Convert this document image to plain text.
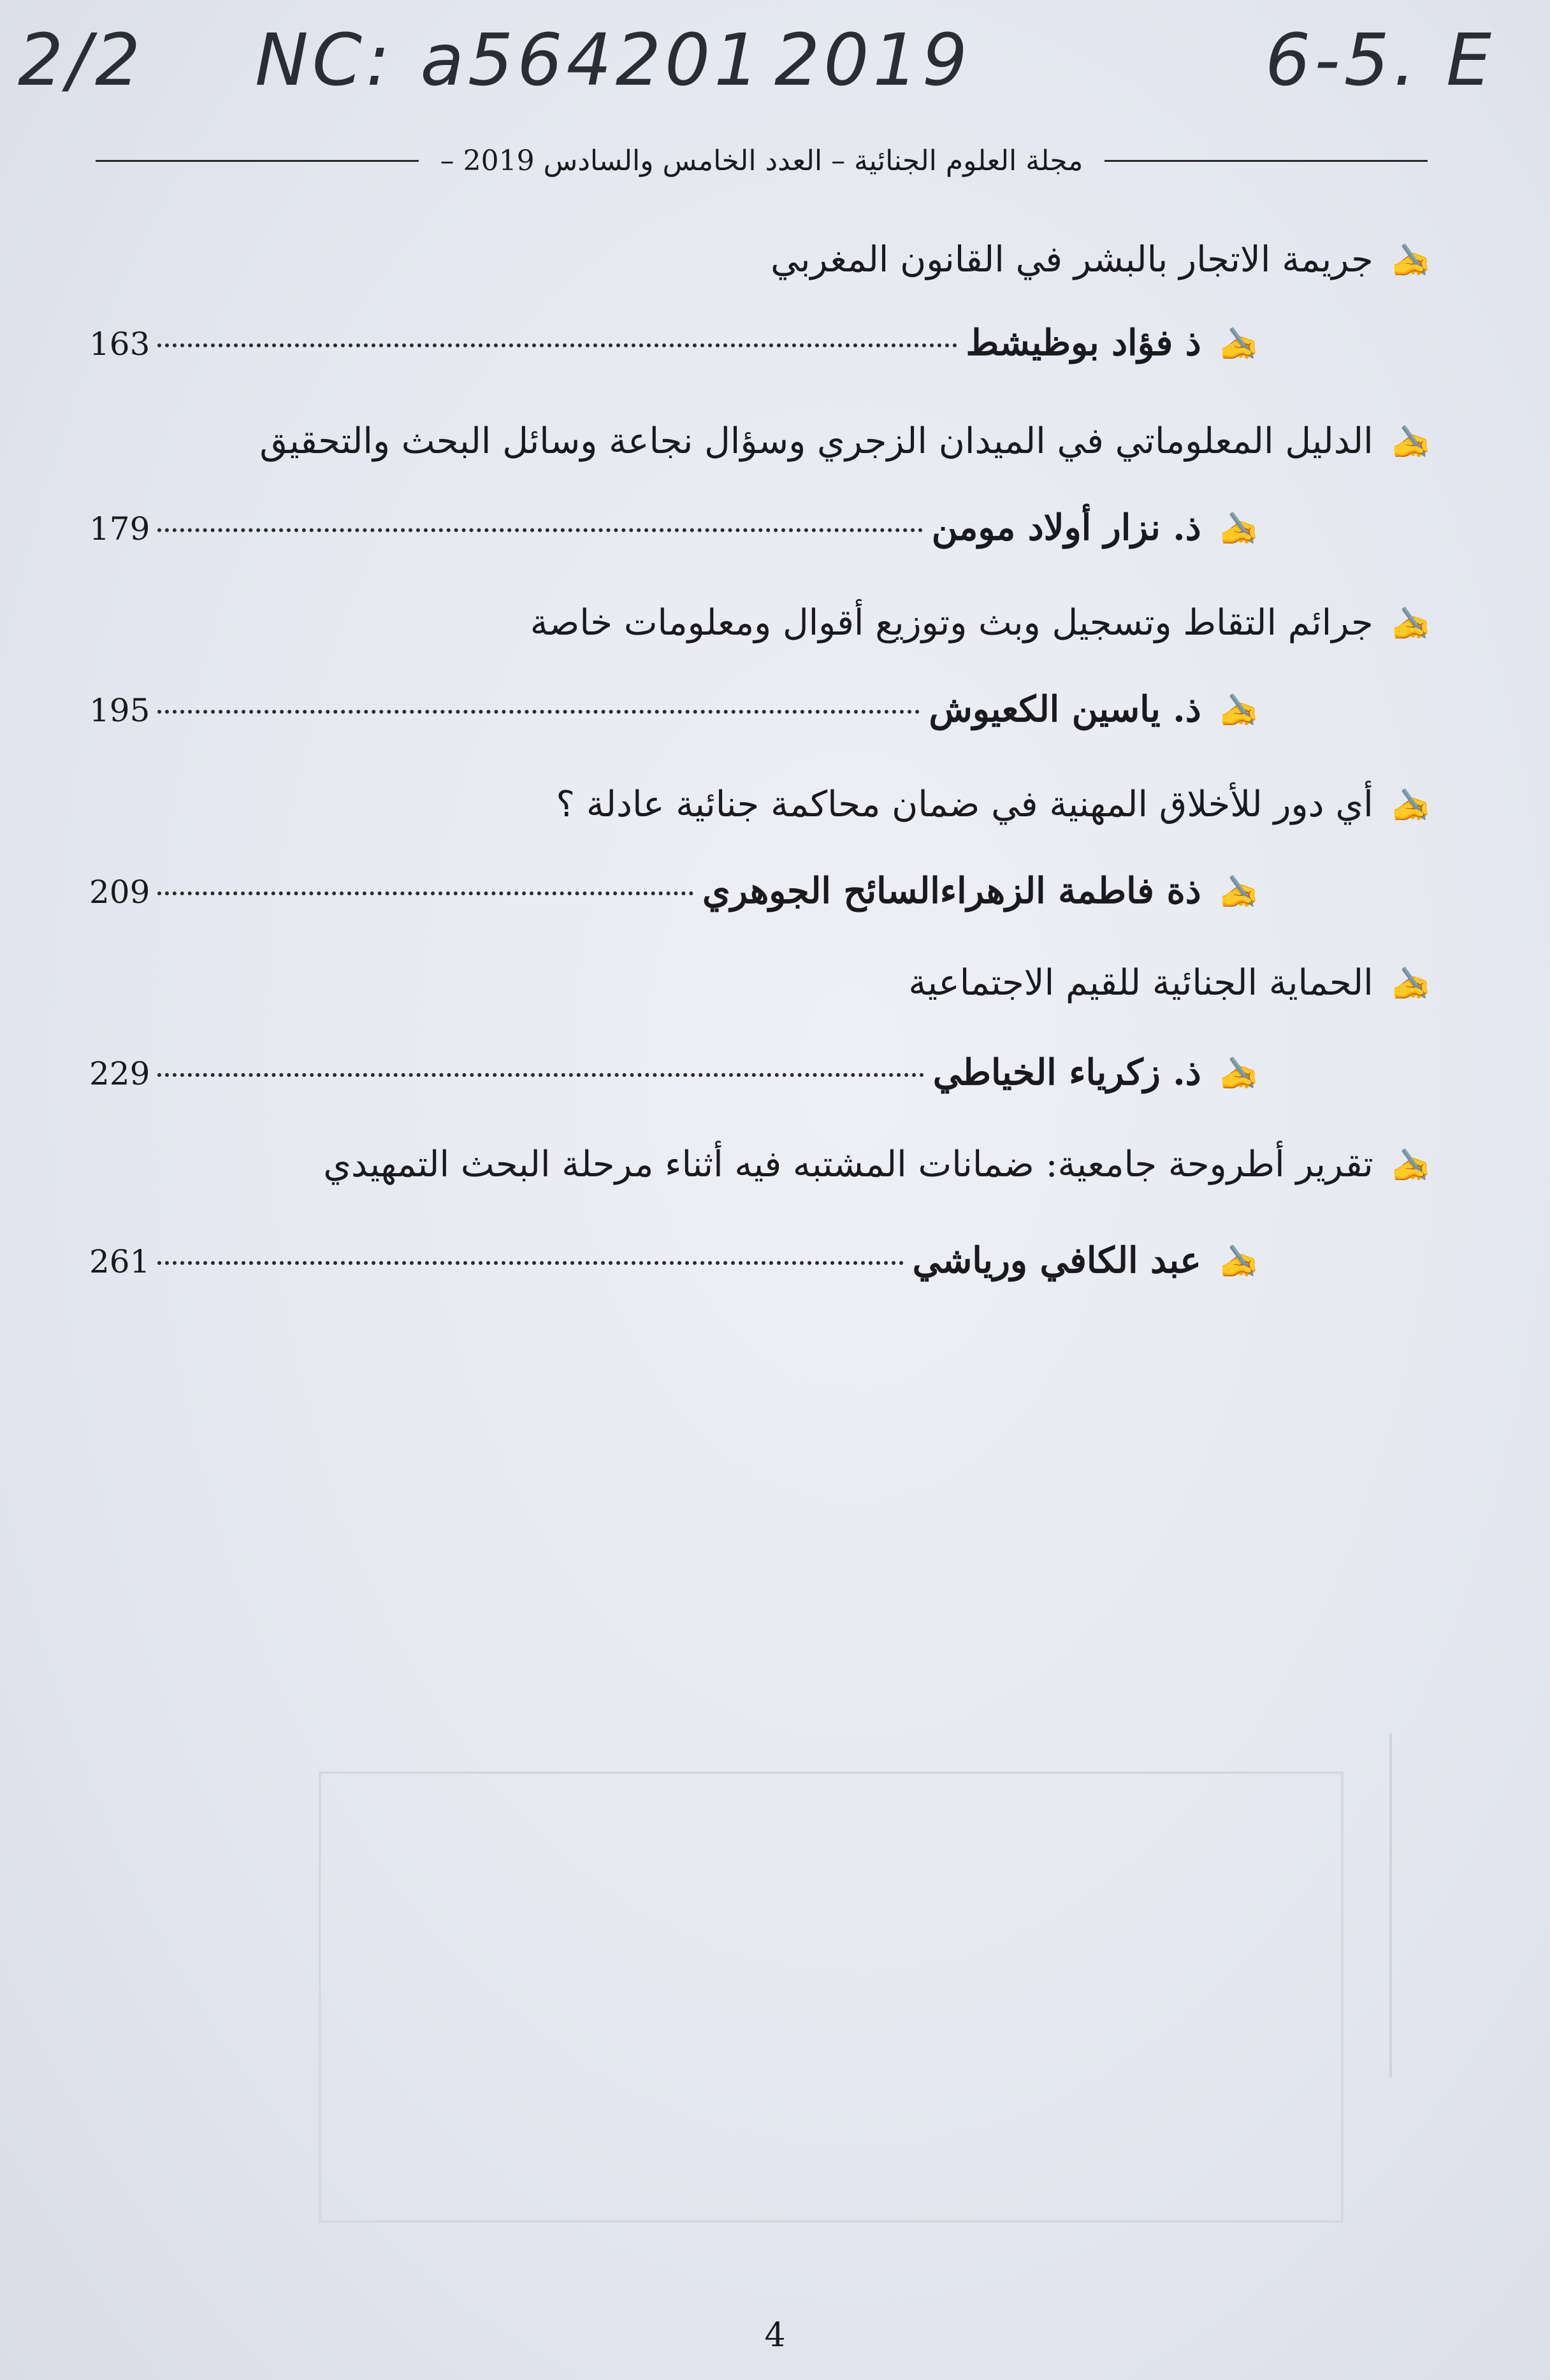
2/2 NC: a564201 2019	6-5. E
مجلة العلوم الجنائية – العدد الخامس والسادس 2019 –
✍
جريمة الاتجار بالبشر في القانون المغربي
✍
ذ فؤاد بوظيشط
163
✍
الدليل المعلوماتي في الميدان الزجري وسؤال نجاعة وسائل البحث والتحقيق
✍
ذ. نزار أولاد مومن
179
✍
جرائم التقاط وتسجيل وبث وتوزيع أقوال ومعلومات خاصة
✍
ذ. ياسين الكعيوش
195
✍
أي دور للأخلاق المهنية في ضمان محاكمة جنائية عادلة ؟
✍
ذة فاطمة الزهراءالسائح الجوهري
209
✍
الحماية الجنائية للقيم الاجتماعية
✍
ذ. زكرياء الخياطي
229
✍
تقرير أطروحة جامعية: ضمانات المشتبه فيه أثناء مرحلة البحث التمهيدي
✍
عبد الكافي ورياشي
261
4
